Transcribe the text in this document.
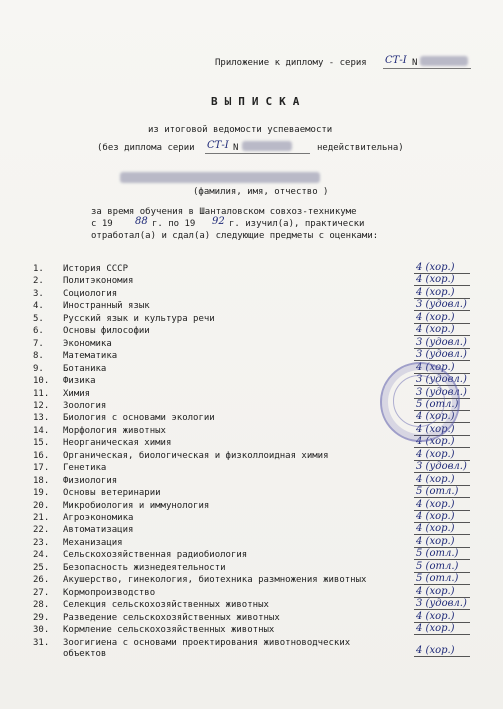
Приложение к диплому - серия СТ-I N
ВЫПИСКА
из итоговой ведомости успеваемости
(без диплома серии СТ-I N	недействительна)
(фамилия, имя, отчество )
за время обучения в Шанталовском совхоз-техникуме
с 19 88 г. по 19 92 г. изучил(а), практически
отработал(а) и сдал(а) следующие предметы с оценками:
1.	История СССР	4 (хор.)
2.	Политэкономия	4 (хор.)
3.	Социология	4 (хор.)
4.	Иностранный язык	3 (удовл.)
5.	Русский язык и культура речи	4 (хор.)
6.	Основы философии	4 (хор.)
7.	Экономика	3 (удовл.)
8.	Математика	3 (удовл.)
9.	Ботаника	4 (хор.)
10.	Физика	3 (удовл.)
11.	Химия	3 (удовл.)
12.	Зоология	5 (отл.)
13.	Биология с основами экологии	4 (хор.)
14.	Морфология животных	4 (хор.)
15.	Неорганическая химия	4 (хор.)
16.	Органическая, биологическая и физколлоидная химия	4 (хор.)
17.	Генетика	3 (удовл.)
18.	Физиология	4 (хор.)
19.	Основы ветеринарии	5 (отл.)
20.	Микробиология и иммунология	4 (хор.)
21.	Агроэкономика	4 (хор.)
22.	Автоматизация	4 (хор.)
23.	Механизация	4 (хор.)
24.	Сельскохозяйственная радиобиология	5 (отл.)
25.	Безопасность жизнедеятельности	5 (отл.)
26.	Акушерство, гинекология, биотехника размножения животных	5 (отл.)
27.	Кормопроизводство	4 (хор.)
28.	Селекция сельскохозяйственных животных	3 (удовл.)
29.	Разведение сельскохозяйственных животных	4 (хор.)
30.	Кормление сельскохозяйственных животных	4 (хор.)
31.	Зоогигиена с основами проектирования животноводческих
объектов	4 (хор.)
